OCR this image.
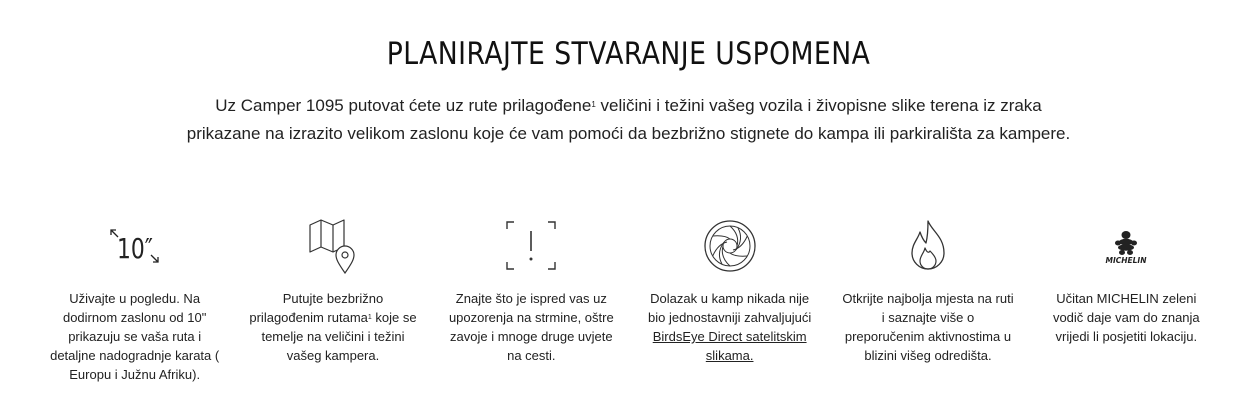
PLANIRAJTE STVARANJE USPOMENA

Uz Camper 1095 putovat ćete uz rute prilagođene$^1$ veličini i težini vašeg vozila i živopisne slike terena iz zraka prikazane na izrazito velikom zaslonu koje će vam pomoći da bezbrižno stignete do kampa ili parkirališta za kampere.

10″
Uživajte u pogledu. Na dodirnom zaslonu od 10" prikazuju se vaša ruta i detaljne nadogradnje karata ( Europu i Južnu Afriku).
Putujte bezbrižno prilagođenim rutama$^1$ koje se temelje na veličini i težini vašeg kampera.
Znajte što je ispred vas uz upozorenja na strmine, oštre zavoje i mnoge druge uvjete na cesti.
Dolazak u kamp nikada nije bio jednostavniji zahvaljujući BirdsEye Direct satelitskim slikama.
Otkrijte najbolja mjesta na ruti i saznajte više o preporučenim aktivnostima u blizini višeg odredišta.
MICHELIN
Učitan MICHELIN zeleni vodič daje vam do znanja vrijedi li posjetiti lokaciju.
